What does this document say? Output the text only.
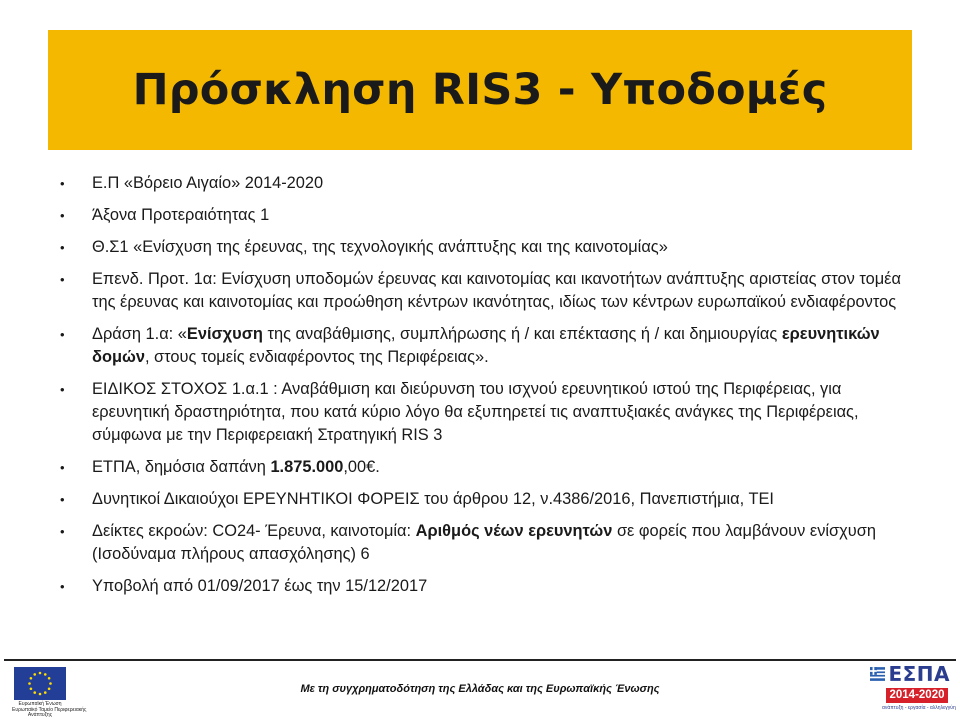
Πρόσκληση RIS3 - Υποδομές
• Ε.Π «Βόρειο Αιγαίο» 2014-2020
• Άξονα Προτεραιότητας 1
• Θ.Σ1 «Ενίσχυση της έρευνας, της τεχνολογικής ανάπτυξης και της καινοτομίας»
• Επενδ. Προτ. 1α: Ενίσχυση υποδομών έρευνας και καινοτομίας και ικανοτήτων ανάπτυξης αριστείας στον τομέα της έρευνας και καινοτομίας και προώθηση κέντρων ικανότητας, ιδίως των κέντρων ευρωπαϊκού ενδιαφέροντος
• Δράση 1.α: «Ενίσχυση της αναβάθμισης, συμπλήρωσης ή / και επέκτασης ή / και δημιουργίας ερευνητικών δομών, στους τομείς ενδιαφέροντος της Περιφέρειας».
• ΕΙΔΙΚΟΣ ΣΤΟΧΟΣ 1.α.1 : Αναβάθμιση και διεύρυνση του ισχνού ερευνητικού ιστού της Περιφέρειας, για ερευνητική δραστηριότητα, που κατά κύριο λόγο θα εξυπηρετεί τις αναπτυξιακές ανάγκες της Περιφέρειας, σύμφωνα με την Περιφερειακή Στρατηγική RIS 3
• ΕΤΠΑ, δημόσια δαπάνη 1.875.000,00€.
• Δυνητικοί Δικαιούχοι ΕΡΕΥΝΗΤΙΚΟΙ ΦΟΡΕΙΣ του άρθρου 12, ν.4386/2016, Πανεπιστήμια, ΤΕΙ
• Δείκτες εκροών: CO24- Έρευνα, καινοτομία: Αριθμός νέων ερευνητών σε φορείς που λαμβάνουν ενίσχυση (Ισοδύναμα πλήρους απασχόλησης) 6
• Υποβολή από 01/09/2017 έως την 15/12/2017
Ευρωπαϊκή Ένωση
Ευρωπαϊκό Ταμείο Περιφερειακής
Ανάπτυξης
Με τη συγχρηματοδότηση της Ελλάδας και της Ευρωπαϊκής Ένωσης
ΕΣΠΑ
2014-2020
ανάπτυξη - εργασία - αλληλεγγύη
